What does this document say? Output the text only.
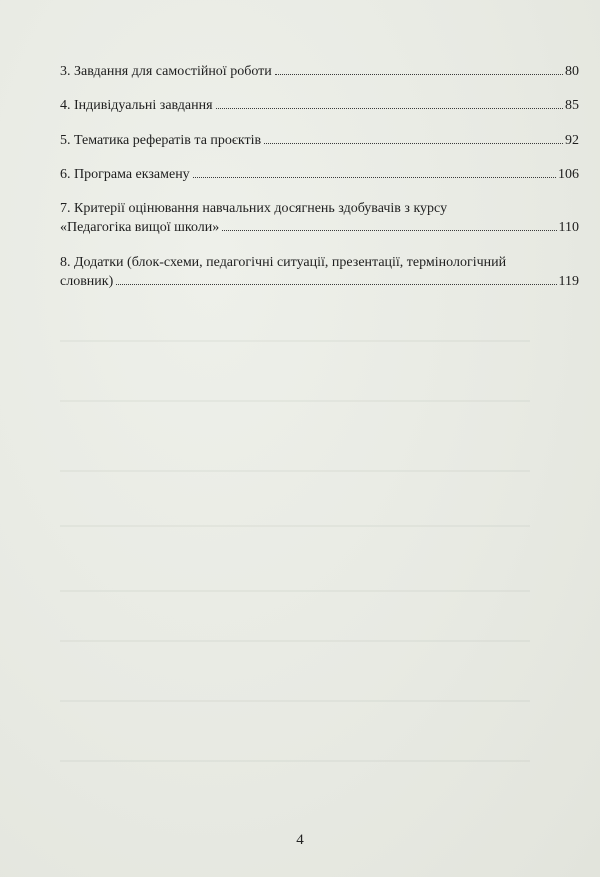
3. Завдання для самостійної роботи	80
4. Індивідуальні завдання	85
5. Тематика рефератів та проєктів	92
6. Програма екзамену	106
7. Критерії оцінювання навчальних досягнень здобувачів з курсу
«Педагогіка вищої школи»	110
8. Додатки (блок-схеми, педагогічні ситуації, презентації, термінологічний
словник)	119
4
